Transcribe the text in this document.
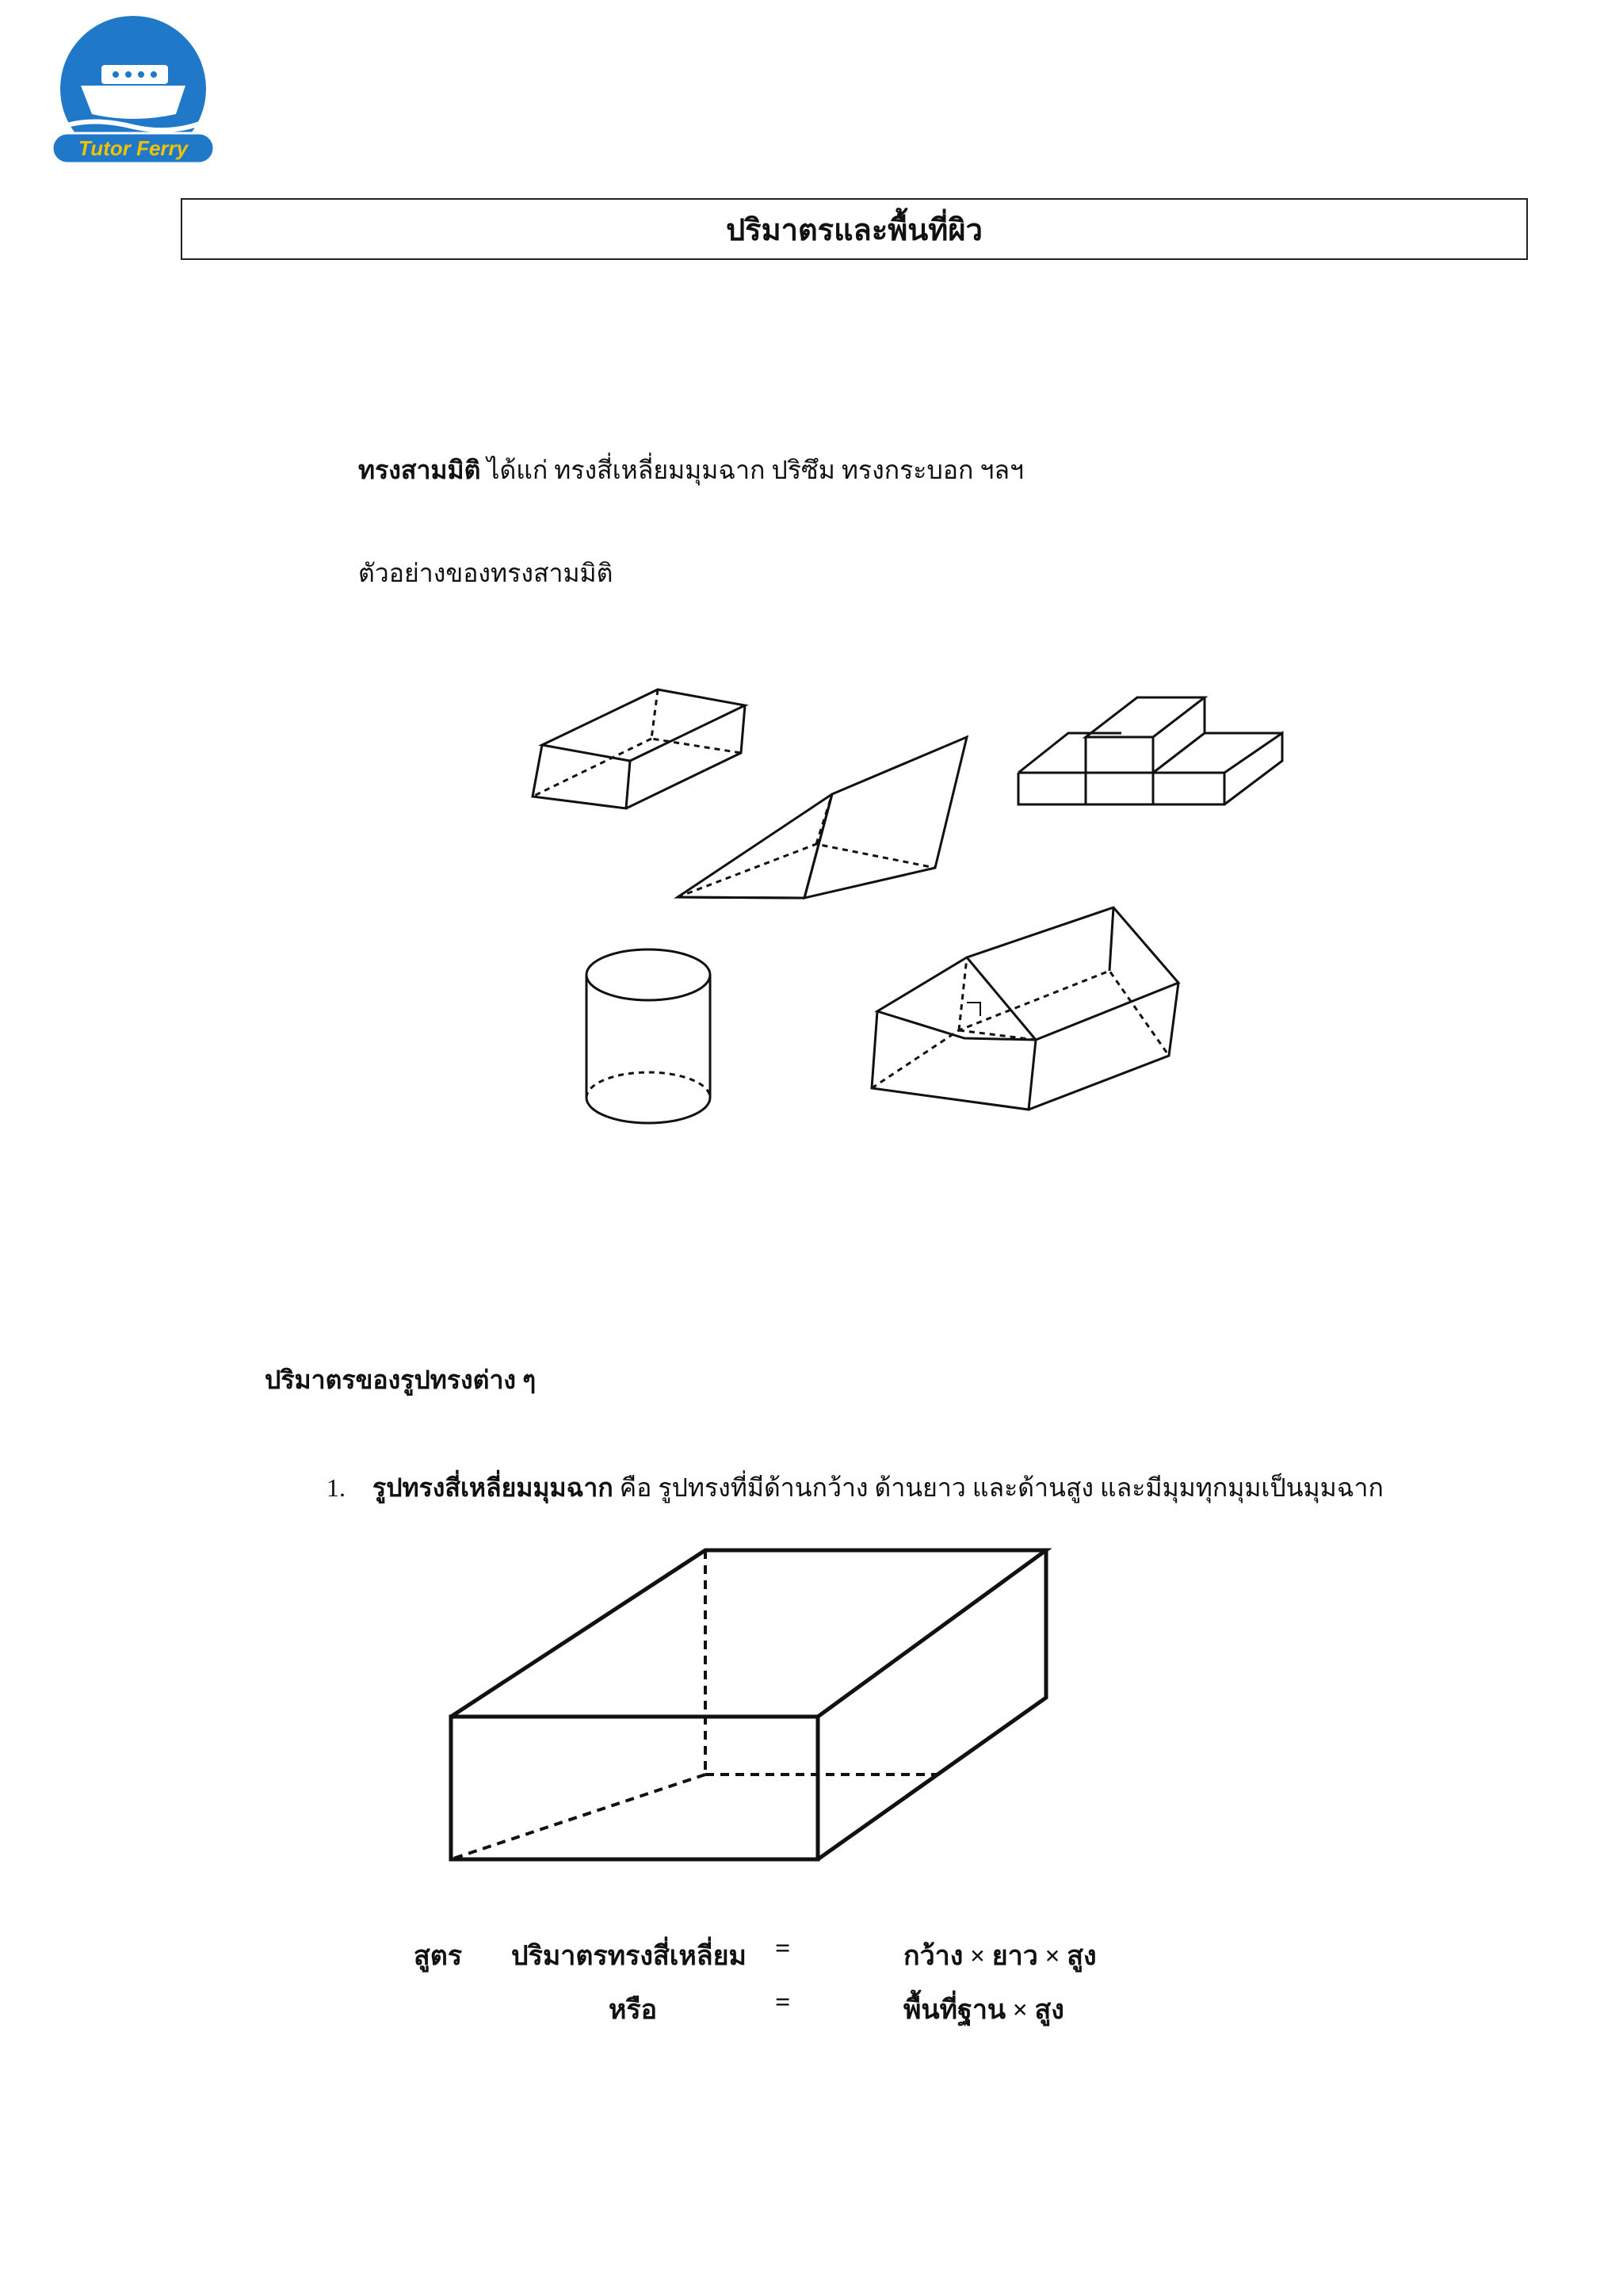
Tutor Ferry
ปริมาตรและพื้นที่ผิว
ทรงสามมิติ ได้แก่ ทรงสี่เหลี่ยมมุมฉาก ปริซึม ทรงกระบอก ฯลฯ
ตัวอย่างของทรงสามมิติ
ปริมาตรของรูปทรงต่าง ๆ
1. รูปทรงสี่เหลี่ยมมุมฉาก คือ รูปทรงที่มีด้านกว้าง ด้านยาว และด้านสูง และมีมุมทุกมุมเป็นมุมฉาก
สูตร ปริมาตรทรงสี่เหลี่ยม =	กว้าง × ยาว × สูง
หรือ	=	พื้นที่ฐาน × สูง
